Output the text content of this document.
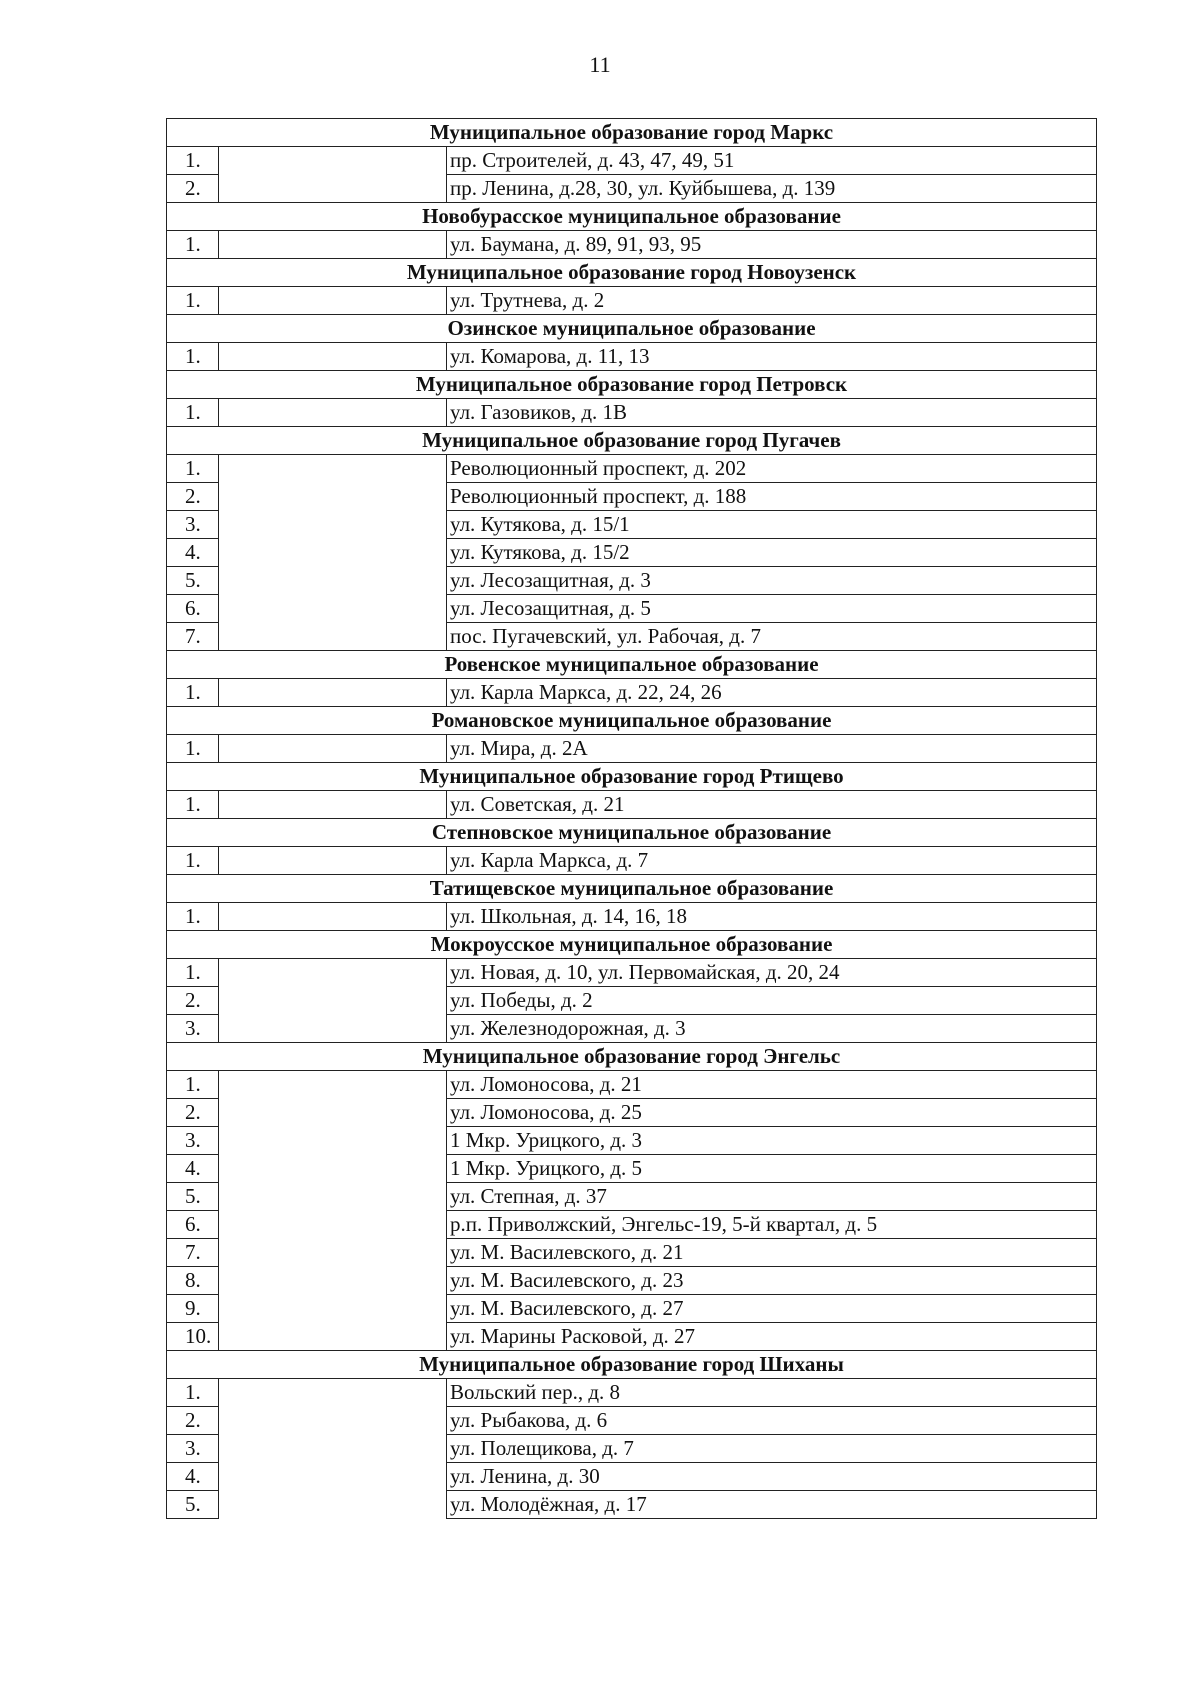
11
Муниципальное образование город Маркс		
1.		пр. Строителей, д. 43, 47, 49, 51
2.		пр. Ленина, д.28, 30, ул. Куйбышева, д. 139
Новобурасское муниципальное образование		
1.		ул. Баумана, д. 89, 91, 93, 95
Муниципальное образование город Новоузенск		
1.		ул. Трутнева, д. 2
Озинское муниципальное образование		
1.		ул. Комарова, д. 11, 13
Муниципальное образование город Петровск		
1.		ул. Газовиков, д. 1В
Муниципальное образование город Пугачев		
1.		Революционный проспект, д. 202
2.		Революционный проспект, д. 188
3.		ул. Кутякова, д. 15/1
4.		ул. Кутякова, д. 15/2
5.		ул. Лесозащитная, д. 3
6.		ул. Лесозащитная, д. 5
7.		пос. Пугачевский, ул. Рабочая, д. 7
Ровенское муниципальное образование		
1.		ул. Карла Маркса, д. 22, 24, 26
Романовское муниципальное образование		
1.		ул. Мира, д. 2А
Муниципальное образование город Ртищево		
1.		ул. Советская, д. 21
Степновское муниципальное образование		
1.		ул. Карла Маркса, д. 7
Татищевское муниципальное образование		
1.		ул. Школьная, д. 14, 16, 18
Мокроусское муниципальное образование		
1.		ул. Новая, д. 10, ул. Первомайская, д. 20, 24
2.		ул. Победы, д. 2
3.		ул. Железнодорожная, д. 3
Муниципальное образование город Энгельс		
1.		ул. Ломоносова, д. 21
2.		ул. Ломоносова, д. 25
3.		1 Мкр. Урицкого, д. 3
4.		1 Мкр. Урицкого, д. 5
5.		ул. Степная, д. 37
6.		р.п. Приволжский, Энгельс-19, 5-й квартал, д. 5
7.		ул. М. Василевского, д. 21
8.		ул. М. Василевского, д. 23
9.		ул. М. Василевского, д. 27
10.		ул. Марины Расковой, д. 27
Муниципальное образование город Шиханы		
1.		Вольский пер., д. 8
2.		ул. Рыбакова, д. 6
3.		ул. Полещикова, д. 7
4.		ул. Ленина, д. 30
5.		ул. Молодёжная, д. 17
